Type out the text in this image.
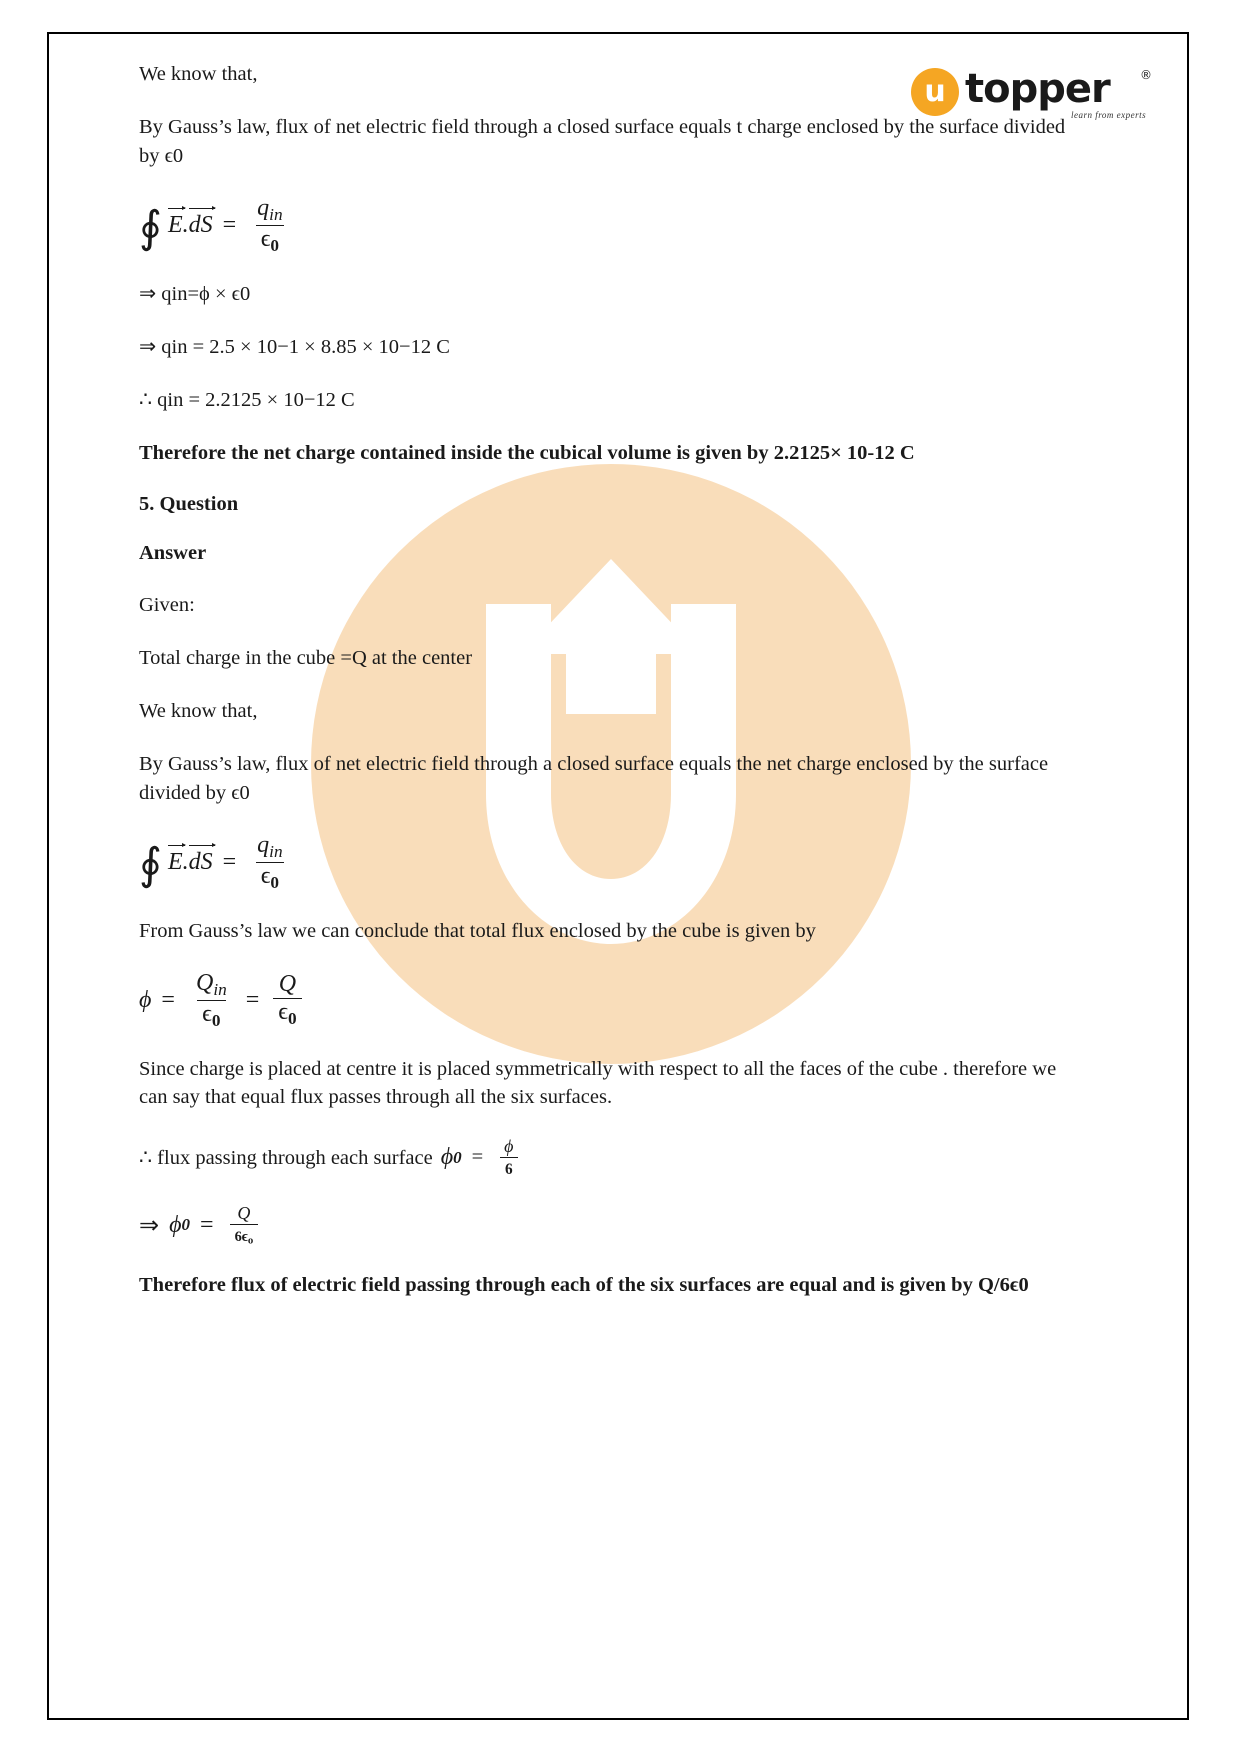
u topper	®
learn from experts

We know that,

By Gauss’s law, flux of net electric field through a closed surface equals t charge enclosed by the surface divided by ϵ0

∮ E . dS = $\frac{q_{in}}{\epsilon_0}$

⇒ qin=ϕ × ϵ0

⇒ qin = 2.5 × 10−1 × 8.85 × 10−12 C

∴ qin = 2.2125 × 10−12 C

Therefore the net charge contained inside the cubical volume is given by 2.2125× 10-12 C

5. Question
Answer

Given:

Total charge in the cube =Q at the center

We know that,

By Gauss’s law, flux of net electric field through a closed surface equals the net charge enclosed by the surface divided by ϵ0

∮ E . dS = $\frac{q_{in}}{\epsilon_0}$

From Gauss’s law we can conclude that total flux enclosed by the cube is given by

$\phi = \frac{Q_{in}}{\epsilon_0} = \frac{Q}{\epsilon_0}$

Since charge is placed at centre it is placed symmetrically with respect to all the faces of the cube . therefore we can say that equal flux passes through all the six surfaces.

∴ flux passing through each surface ϕ $0 = \frac{\phi}{6}$
⇒ ϕ $0 = \frac{Q}{6\epsilon o}$

Therefore flux of electric field passing through each of the six surfaces are equal and is given by Q/6ϵ0
